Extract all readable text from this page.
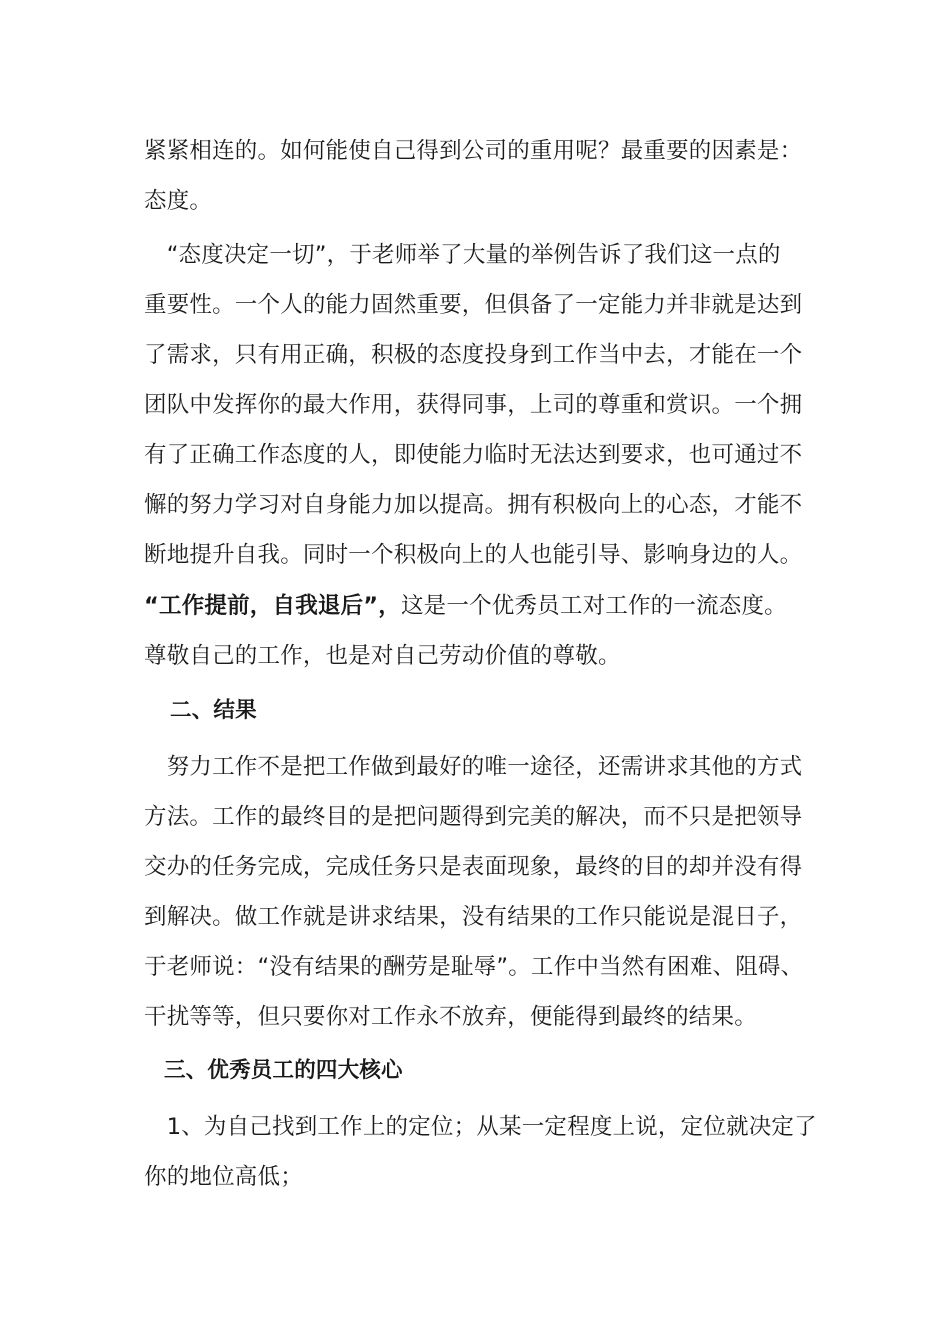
紧紧相连的。如何能使自己得到公司的重用呢？最重要的因素是：
态度。
　“态度决定一切”，于老师举了大量的举例告诉了我们这一点的
重要性。一个人的能力固然重要，但俱备了一定能力并非就是达到
了需求，只有用正确，积极的态度投身到工作当中去，才能在一个
团队中发挥你的最大作用，获得同事，上司的尊重和赏识。一个拥
有了正确工作态度的人，即使能力临时无法达到要求，也可通过不
懈的努力学习对自身能力加以提高。拥有积极向上的心态，才能不
断地提升自我。同时一个积极向上的人也能引导、影响身边的人。
“工作提前，自我退后”，这是一个优秀员工对工作的一流态度。
尊敬自己的工作，也是对自己劳动价值的尊敬。
二、结果
　努力工作不是把工作做到最好的唯一途径，还需讲求其他的方式
方法。工作的最终目的是把问题得到完美的解决，而不只是把领导
交办的任务完成，完成任务只是表面现象，最终的目的却并没有得
到解决。做工作就是讲求结果，没有结果的工作只能说是混日子，
于老师说：“没有结果的酬劳是耻辱”。工作中当然有困难、阻碍、
干扰等等，但只要你对工作永不放弃，便能得到最终的结果。
三、优秀员工的四大核心
　1、为自己找到工作上的定位；从某一定程度上说，定位就决定了
你的地位高低；
